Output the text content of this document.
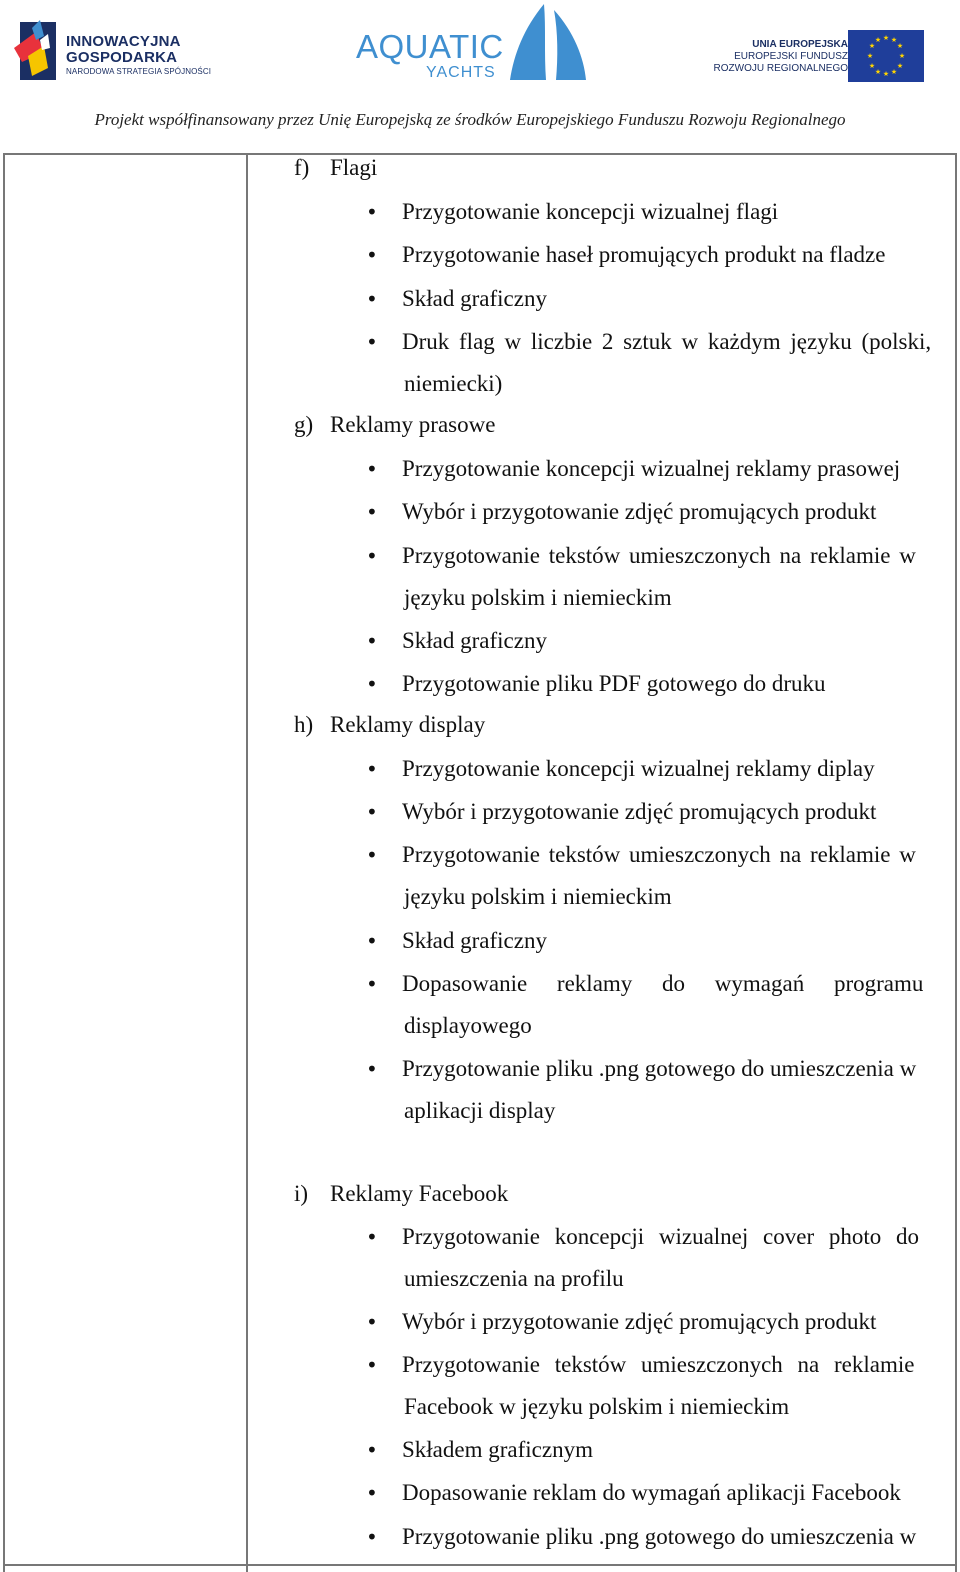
INNOWACYJNA
GOSPODARKA
NARODOWA STRATEGIA SPÓJNOŚCI
AQUATIC
YACHTS
UNIA EUROPEJSKA
EUROPEJSKI FUNDUSZ
ROZWOJU REGIONALNEGO
★ ★
★
★
★
★
★
★
★
★
★
★
Projekt współfinansowany przez Unię Europejską ze środków Europejskiego Funduszu Rozwoju Regionalnego
f) Flagi
•	Przygotowanie koncepcji wizualnej flagi
•	Przygotowanie haseł promujących produkt na fladze
•	Skład graficzny
•	Druk flag w liczbie 2 sztuk w każdym języku (polski,
niemiecki)
g) Reklamy prasowe
•	Przygotowanie koncepcji wizualnej reklamy prasowej
•	Wybór i przygotowanie zdjęć promujących produkt
•	Przygotowanie tekstów umieszczonych na reklamie w
języku polskim i niemieckim
•	Skład graficzny
•	Przygotowanie pliku PDF gotowego do druku
h) Reklamy display
•	Przygotowanie koncepcji wizualnej reklamy diplay
•	Wybór i przygotowanie zdjęć promujących produkt
•	Przygotowanie tekstów umieszczonych na reklamie w
języku polskim i niemieckim
•	Skład graficzny
•	Dopasowanie reklamy do wymagań programu
displayowego
•	Przygotowanie pliku .png gotowego do umieszczenia w
aplikacji display
i) Reklamy Facebook
•	Przygotowanie koncepcji wizualnej cover photo do
umieszczenia na profilu
•	Wybór i przygotowanie zdjęć promujących produkt
•	Przygotowanie tekstów umieszczonych na reklamie
Facebook w języku polskim i niemieckim
•	Składem graficznym
•	Dopasowanie reklam do wymagań aplikacji Facebook
•	Przygotowanie pliku .png gotowego do umieszczenia w
